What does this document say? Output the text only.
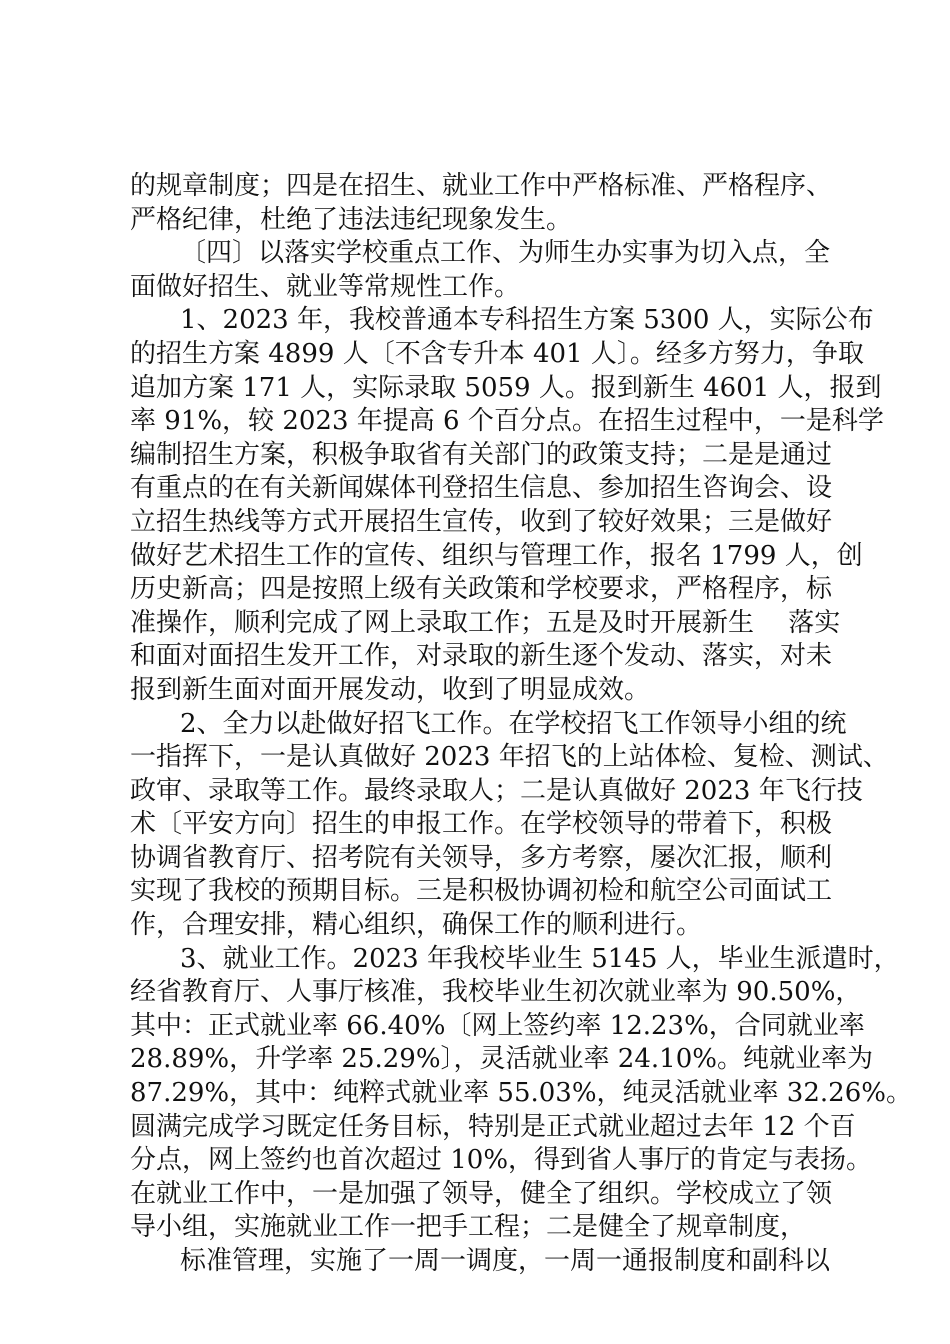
的规章制度；四是在招生、就业工作中严格标准、严格程序、
严格纪律，杜绝了违法违纪现象发生。
〔四〕以落实学校重点工作、为师生办实事为切入点，全
面做好招生、就业等常规性工作。
1、2023 年，我校普通本专科招生方案 5300 人，实际公布
的招生方案 4899 人〔不含专升本 401 人〕。经多方努力，争取
追加方案 171 人，实际录取 5059 人。报到新生 4601 人，报到
率 91%，较 2023 年提高 6 个百分点。在招生过程中，一是科学
编制招生方案，积极争取省有关部门的政策支持；二是是通过
有重点的在有关新闻媒体刊登招生信息、参加招生咨询会、设
立招生热线等方式开展招生宣传，收到了较好效果；三是做好
做好艺术招生工作的宣传、组织与管理工作，报名 1799 人，创
历史新高；四是按照上级有关政策和学校要求，严格程序，标
准操作，顺利完成了网上录取工作；五是及时开展新生　 落实
和面对面招生发开工作，对录取的新生逐个发动、落实，对未
报到新生面对面开展发动，收到了明显成效。
2、全力以赴做好招飞工作。在学校招飞工作领导小组的统
一指挥下，一是认真做好 2023 年招飞的上站体检、复检、测试、
政审、录取等工作。最终录取人；二是认真做好 2023 年飞行技
术〔平安方向〕招生的申报工作。在学校领导的带着下，积极
协调省教育厅、招考院有关领导，多方考察，屡次汇报，顺利
实现了我校的预期目标。三是积极协调初检和航空公司面试工
作，合理安排，精心组织，确保工作的顺利进行。
3、就业工作。2023 年我校毕业生 5145 人，毕业生派遣时，
经省教育厅、人事厅核准，我校毕业生初次就业率为 90.50%，
其中：正式就业率 66.40%〔网上签约率 12.23%，合同就业率
28.89%，升学率 25.29%〕，灵活就业率 24.10%。纯就业率为
87.29%，其中：纯粹式就业率 55.03%，纯灵活就业率 32.26%。
圆满完成学习既定任务目标，特别是正式就业超过去年 12 个百
分点，网上签约也首次超过 10%，得到省人事厅的肯定与表扬。
在就业工作中，一是加强了领导，健全了组织。学校成立了领
导小组，实施就业工作一把手工程；二是健全了规章制度，
标准管理，实施了一周一调度，一周一通报制度和副科以
